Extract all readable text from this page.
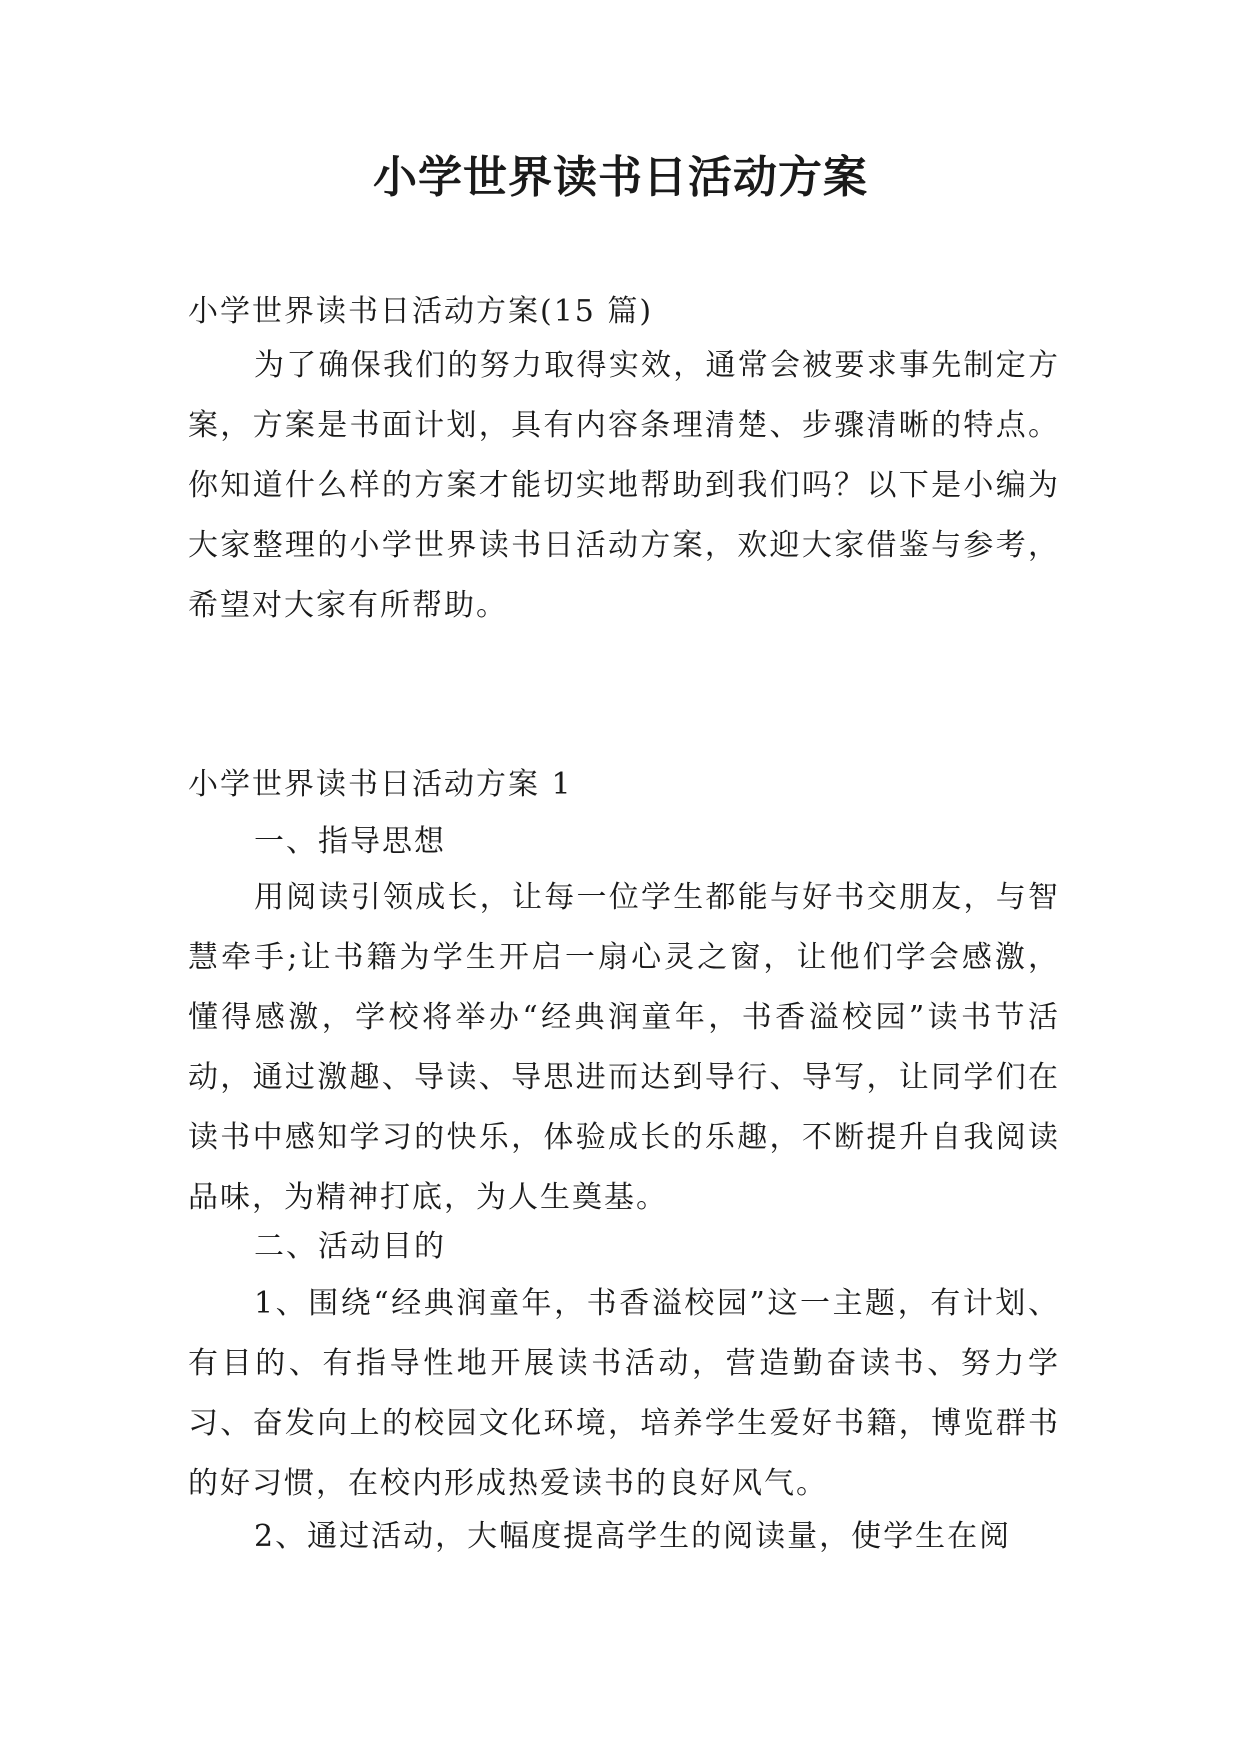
小学世界读书日活动方案

小学世界读书日活动方案(15 篇)

为了确保我们的努力取得实效，通常会被要求事先制定方案，方案是书面计划，具有内容条理清楚、步骤清晰的特点。你知道什么样的方案才能切实地帮助到我们吗？以下是小编为大家整理的小学世界读书日活动方案，欢迎大家借鉴与参考，希望对大家有所帮助。

小学世界读书日活动方案 1

一、指导思想

用阅读引领成长，让每一位学生都能与好书交朋友，与智慧牵手;让书籍为学生开启一扇心灵之窗，让他们学会感激，懂得感激，学校将举办“经典润童年，书香溢校园”读书节活动，通过激趣、导读、导思进而达到导行、导写，让同学们在读书中感知学习的快乐，体验成长的乐趣，不断提升自我阅读品味，为精神打底，为人生奠基。

二、活动目的

1、围绕“经典润童年，书香溢校园”这一主题，有计划、有目的、有指导性地开展读书活动，营造勤奋读书、努力学习、奋发向上的校园文化环境，培养学生爱好书籍，博览群书的好习惯，在校内形成热爱读书的良好风气。

2、通过活动，大幅度提高学生的阅读量，使学生在阅
